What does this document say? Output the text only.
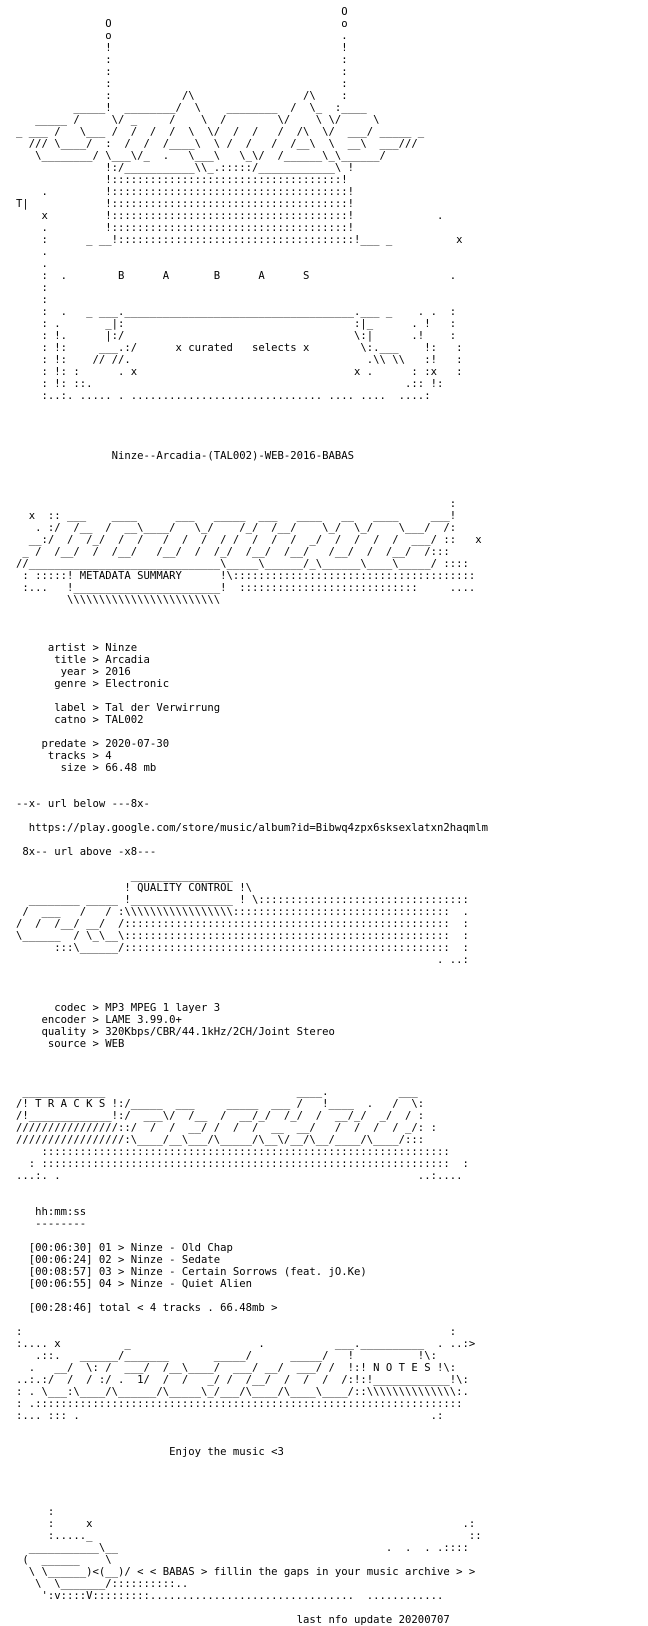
O
O                                    o
o                                    .
!                                    !
:                                    :
:                                    :
:                                    :
:           /\                 /\    :
_____!  ________/  \    ________  /  \_  :____
_____ /     \/ _     /    \  /        \/    \ \/     \
_ ___ /   \___ /  /  /  /  \  \/  /  /   /  /\  \/  ___/ _____ _
/// \____/  :  /  /  /____\  \ /  /   /  /__\  \  __\  ___///
\________/ \___\/_  .   \___\   \_\/  /______\_\______/
!:/___________\\_.:::::/____________\ !
!::::::::::::::::::::::::::::::::::::!
.         !:::::::::::::::::::::::::::::::::::::!
T|            !:::::::::::::::::::::::::::::::::::::!
x         !:::::::::::::::::::::::::::::::::::::!             .
.         !:::::::::::::::::::::::::::::::::::::!
:      _ __!:::::::::::::::::::::::::::::::::::::!___ _          x
.
.
:  .        B      A       B      A      S                      .
:
:
:  .   _ ___.____________________________________.___ _    . .  :
: .       _|:                                    :|_      . !   :
: !.      |:/                                    \:|      .!    :
: !:     ___.:/      x curated   selects x        \:.___    !:   :
: !:    // //.                                     .\\ \\   :!   :
: !: :      . x                                  x .      : :x   :
: !: ::.                                                 .:: !:
:..:. ..... . .............................. .... ....  ....:
Ninze--Arcadia-(TAL002)-WEB-2016-BABAS
:
x  :: ___    ____      ___   _____  ___   ____   __   ____     ___!
. :/  /__  /  __\____/   \_/    /_/  /__/    \_/  \_/    \___/  /:
__:/  /  /_/  /  /   /  /  /  / /  /  /  /  _/  /  /  /  /  ___/ ::   x
_ /  /__/  /  /__/   /__/  /  /_/  /__/  /__/   /__/  /  /__/  /:::
//______________________________\_____\______/_\______\____\_____/ ::::
: :::::! METADATA SUMMARY      !\::::::::::::::::::::::::::::::::::::::
:...   !_______________________!  ::::::::::::::::::::::::::::     ....
\\\\\\\\\\\\\\\\\\\\\\\\
artist > Ninze
title > Arcadia
year > 2016
genre > Electronic
label > Tal der Verwirrung
catno > TAL002
predate > 2020-07-30
tracks > 4
size > 66.48 mb
--x- url below ---8x-
https://play.google.com/store/music/album?id=Bibwq4zpx6sksexlatxn2haqmlm
8x-- url above -x8---
________________
! QUALITY CONTROL !\
________ _____ !________________ ! \:::::::::::::::::::::::::::::::::
/  ___   /   / :\\\\\\\\\\\\\\\\\::::::::::::::::::::::::::::::::::  .
/  /  /__/ __/  /:::::::::::::::::::::::::::::::::::::::::::::::::::  :
\______  / \_\__\:::::::::::::::::::::::::::::::::::::::::::::::::::  :
:::\______/:::::::::::::::::::::::::::::::::::::::::::::::::::  :
. ..:
codec > MP3 MPEG 1 layer 3
encoder > LAME 3.99.0+
quality > 320Kbps/CBR/44.1kHz/2CH/Joint Stereo
source > WEB
_____________                              ____.           ___
/! T R A C K S !:/_____  ___     _____  ___ /   !____  .   /  \:
/!_____________!:/  ___\/  /__  /  __/_/  /_/  /  __/_/  _/  / :
////////////////::/  /  /  __/ /  /  /  __  __/   /  /  /  / _/: :
/////////////////:\____/__\___/\_____/\__\/__/\__/____/\____/:::
::::::::::::::::::::::::::::::::::::::::::::::::::::::::::::::::
: ::::::::::::::::::::::::::::::::::::::::::::::::::::::::::::::::  :
...:. .                                                        ..:....
hh:mm:ss
--------
[00:06:30] 01 > Ninze - Old Chap
[00:06:24] 02 > Ninze - Sedate
[00:08:57] 03 > Ninze - Certain Sorrows (feat. jO.Ke)
[00:06:55] 04 > Ninze - Quiet Alien
[00:28:46] total < 4 tracks . 66.48mb >
:                                                                   :
:.... x          _                    .           ___.__________  . ..:>
.::.   ______/_______       _____/      _____/   !          !\:
.   __/  \: /  ___/  /__\____/  ___/ __/  ___/ /  !:! N O T E S !\:
..:.:/  /  / :/ .  1/  /  /   _/ /  /__/  /  /  /  /:!:!____________!\:
: . \___:\____/\______/\_____\_/___/\____/\____\____/::\\\\\\\\\\\\\\:.
: .:::::::::::::::::::::::::::::::::::::::::::::::::::::::::::::::::::
:... ::: .                                                       .:
Enjoy the music <3
:
:     x                                                          .:
:....._                                                           ::
___________\__                                          .  .  . .::::
(  ______    \
\ \______)<(__)/ < < BABAS > fillin the gaps in your music archive > >
\  \_______/::::::::::..
':v::::V:::::::::................................  ............
last nfo update 20200707
